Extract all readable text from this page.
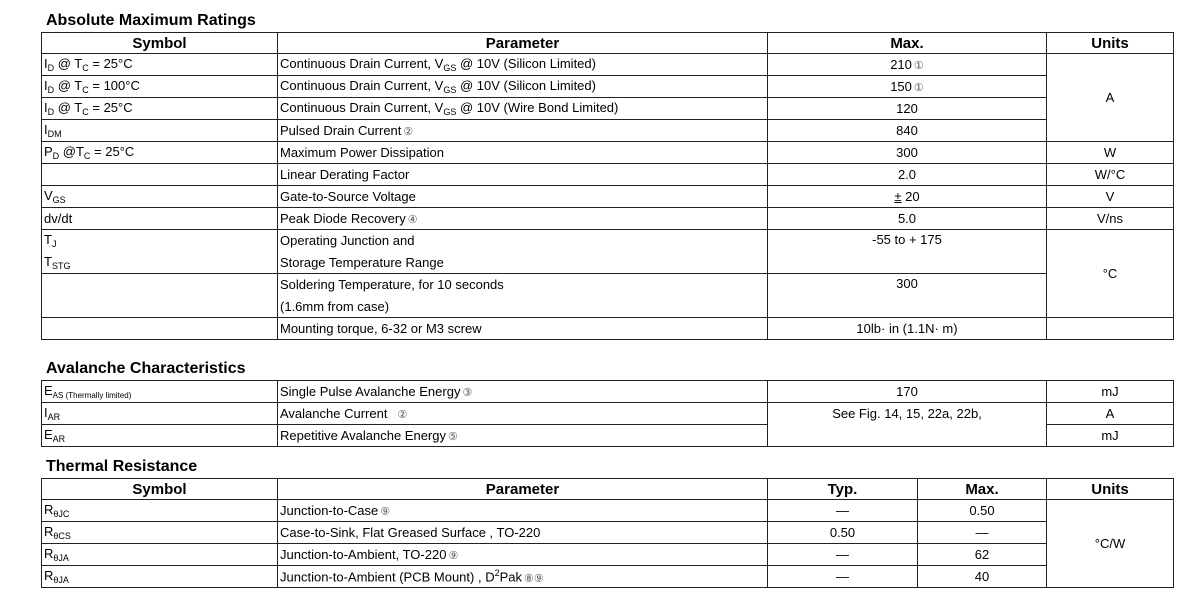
Absolute Maximum Ratings
Symbol	Parameter	Max.	Units
$I_D$ @ $T_C = 25^\circ C$	Continuous Drain Current, $V_{GS}$ @ 10V (Silicon Limited)	210 ①	A
$I_D$ @ $T_C = 100^\circ C$	Continuous Drain Current, $V_{GS}$ @ 10V (Silicon Limited)	150 ①	
$I_D$ @ $T_C = 25^\circ C$	Continuous Drain Current, $V_{GS}$ @ 10V (Wire Bond Limited)	120	
$I_{DM}$	Pulsed Drain Current ②	840	
$P_D$ $@T_C = 25^\circ C$	Maximum Power Dissipation	300	W
	Linear Derating Factor	2.0	W/°C
$V_{GS}$	Gate-to-Source Voltage	± 20	V
dv/dt	Peak Diode Recovery ④	5.0	V/ns
$T_J$	Operating Junction and	-55 to + 175	°C
$T_{STG}$	Storage Temperature Range		
	Soldering Temperature, for 10 seconds	300	
	(1.6mm from case)		
	Mounting torque, 6-32 or M3 screw	10lb· in (1.1N· m)	
Avalanche Characteristics
$E_{AS (Thermally limited)}$	Single Pulse Avalanche Energy ③	170	mJ
$I_{AR}$	Avalanche Current ②	See Fig. 14, 15, 22a, 22b,	A
$E_{AR}$	Repetitive Avalanche Energy ⑤		mJ
Thermal Resistance
Symbol	Parameter	Typ.	Max.	Units
$R_{\theta JC}$	Junction-to-Case ⑨	—	0.50	°C/W
$R_{\theta CS}$	Case-to-Sink, Flat Greased Surface , TO-220	0.50	—	
$R_{\theta JA}$	Junction-to-Ambient, TO-220 ⑨	—	62	
$R_{\theta JA}$	Junction-to-Ambient (PCB Mount) , $D^2Pak$ ⑧⑨	—	40	
